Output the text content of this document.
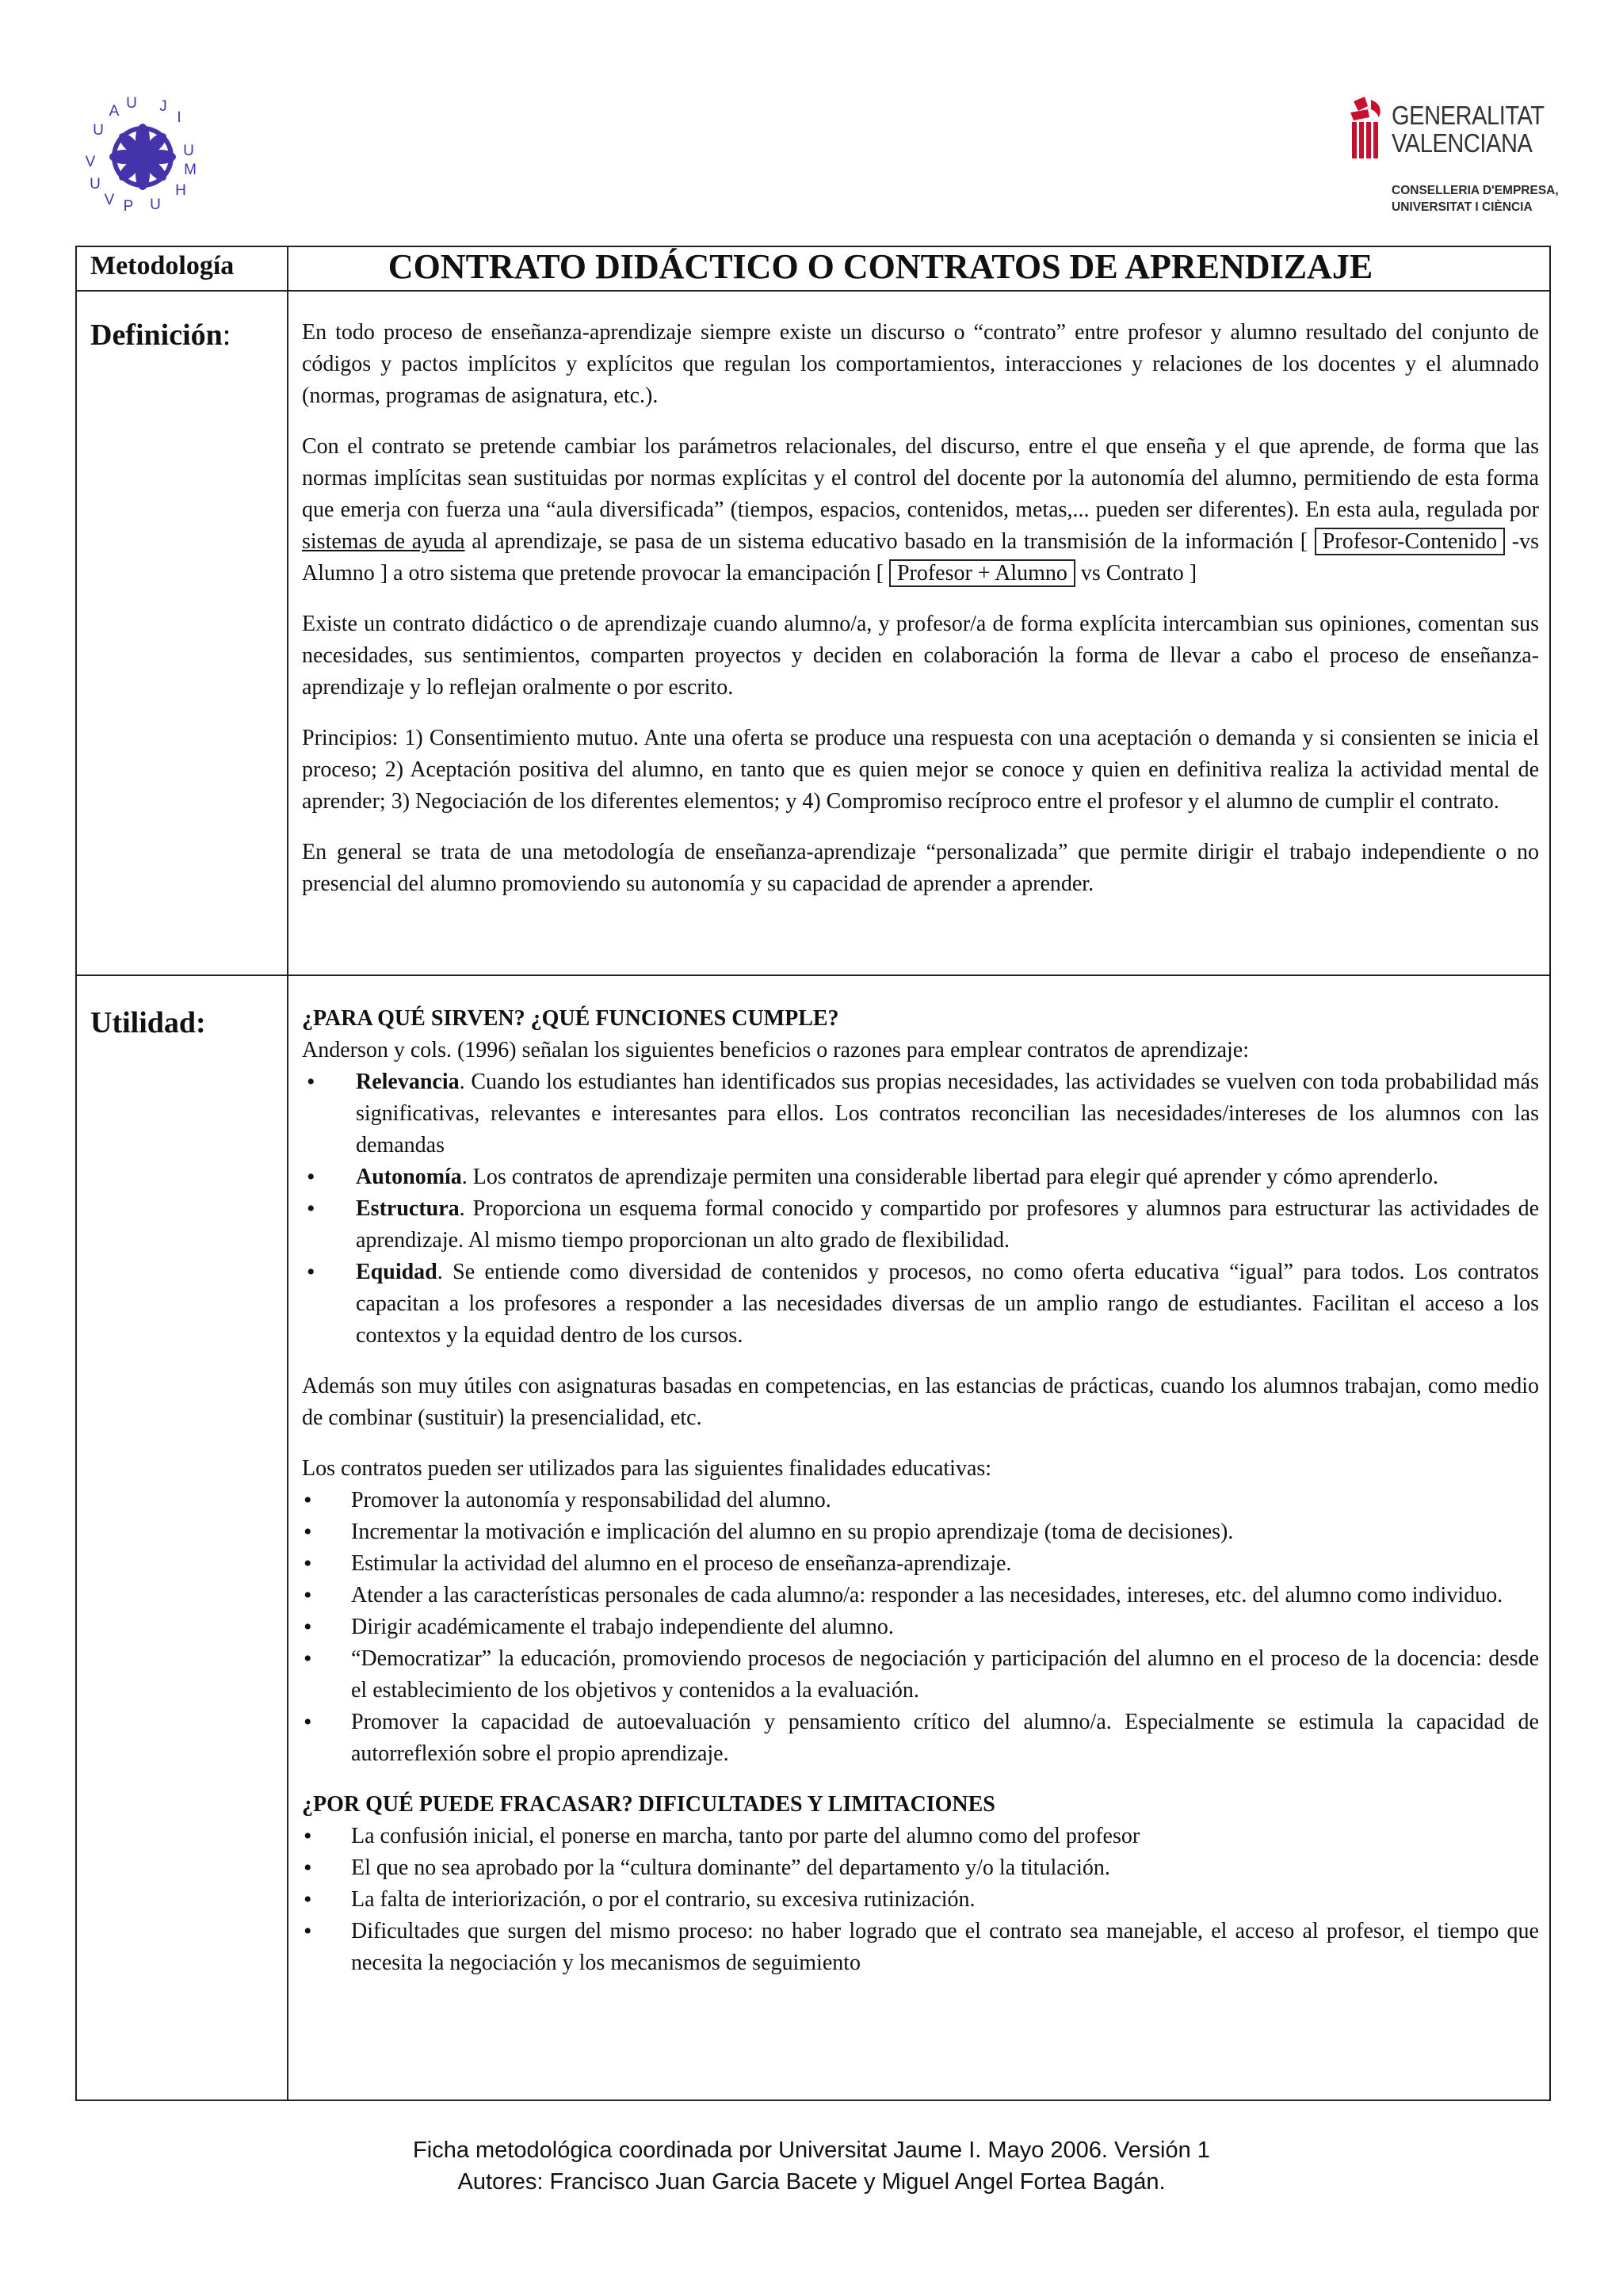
U
V
U
A U J
I
U
M
H
U
P
V
GENERALITAT
VALENCIANA
CONSELLERIA D'EMPRESA,
UNIVERSITAT I CIÈNCIA
Metodología	CONTRATO DIDÁCTICO O CONTRATOS DE APRENDIZAJE
Definición:
Utilidad:

En todo proceso de enseñanza-aprendizaje siempre existe un discurso o “contrato” entre profesor y alumno resultado del conjunto de códigos y pactos implícitos y explícitos que regulan los comportamientos, interacciones y relaciones de los docentes y el alumnado (normas, programas de asignatura, etc.).

Con el contrato se pretende cambiar los parámetros relacionales, del discurso, entre el que enseña y el que aprende, de forma que las normas implícitas sean sustituidas por normas explícitas y el control del docente por la autonomía del alumno, permitiendo de esta forma que emerja con fuerza una “aula diversificada” (tiempos, espacios, contenidos, metas,... pueden ser diferentes). En esta aula, regulada por sistemas de ayuda al aprendizaje, se pasa de un sistema educativo basado en la transmisión de la información [ Profesor-Contenido -vs Alumno ] a otro sistema que pretende provocar la emancipación [ Profesor + Alumno vs Contrato ]

Existe un contrato didáctico o de aprendizaje cuando alumno/a, y profesor/a de forma explícita intercambian sus opiniones, comentan sus necesidades, sus sentimientos, comparten proyectos y deciden en colaboración la forma de llevar a cabo el proceso de enseñanza-aprendizaje y lo reflejan oralmente o por escrito.

Principios: 1) Consentimiento mutuo. Ante una oferta se produce una respuesta con una aceptación o demanda y si consienten se inicia el proceso; 2) Aceptación positiva del alumno, en tanto que es quien mejor se conoce y quien en definitiva realiza la actividad mental de aprender; 3) Negociación de los diferentes elementos; y 4) Compromiso recíproco entre el profesor y el alumno de cumplir el contrato.

En general se trata de una metodología de enseñanza-aprendizaje “personalizada” que permite dirigir el trabajo independiente o no presencial del alumno promoviendo su autonomía y su capacidad de aprender a aprender.

¿PARA QUÉ SIRVEN? ¿QUÉ FUNCIONES CUMPLE?
Anderson y cols. (1996) señalan los siguientes beneficios o razones para emplear contratos de aprendizaje:
• Relevancia. Cuando los estudiantes han identificados sus propias necesidades, las actividades se vuelven con toda probabilidad más significativas, relevantes e interesantes para ellos. Los contratos reconcilian las necesidades/intereses de los alumnos con las demandas
• Autonomía. Los contratos de aprendizaje permiten una considerable libertad para elegir qué aprender y cómo aprenderlo.
• Estructura. Proporciona un esquema formal conocido y compartido por profesores y alumnos para estructurar las actividades de aprendizaje. Al mismo tiempo proporcionan un alto grado de flexibilidad.
• Equidad. Se entiende como diversidad de contenidos y procesos, no como oferta educativa “igual” para todos. Los contratos capacitan a los profesores a responder a las necesidades diversas de un amplio rango de estudiantes. Facilitan el acceso a los contextos y la equidad dentro de los cursos.

Además son muy útiles con asignaturas basadas en competencias, en las estancias de prácticas, cuando los alumnos trabajan, como medio de combinar (sustituir) la presencialidad, etc.

Los contratos pueden ser utilizados para las siguientes finalidades educativas:
• Promover la autonomía y responsabilidad del alumno.
• Incrementar la motivación e implicación del alumno en su propio aprendizaje (toma de decisiones).
• Estimular la actividad del alumno en el proceso de enseñanza-aprendizaje.
• Atender a las características personales de cada alumno/a: responder a las necesidades, intereses, etc. del alumno como individuo.
• Dirigir académicamente el trabajo independiente del alumno.
• “Democratizar” la educación, promoviendo procesos de negociación y participación del alumno en el proceso de la docencia: desde el establecimiento de los objetivos y contenidos a la evaluación.
• Promover la capacidad de autoevaluación y pensamiento crítico del alumno/a. Especialmente se estimula la capacidad de autorreflexión sobre el propio aprendizaje.
¿POR QUÉ PUEDE FRACASAR? DIFICULTADES Y LIMITACIONES
• La confusión inicial, el ponerse en marcha, tanto por parte del alumno como del profesor
• El que no sea aprobado por la “cultura dominante” del departamento y/o la titulación.
• La falta de interiorización, o por el contrario, su excesiva rutinización.
• Dificultades que surgen del mismo proceso: no haber logrado que el contrato sea manejable, el acceso al profesor, el tiempo que necesita la negociación y los mecanismos de seguimiento
Ficha metodológica coordinada por Universitat Jaume I. Mayo 2006. Versión 1
Autores: Francisco Juan Garcia Bacete y Miguel Angel Fortea Bagán.
